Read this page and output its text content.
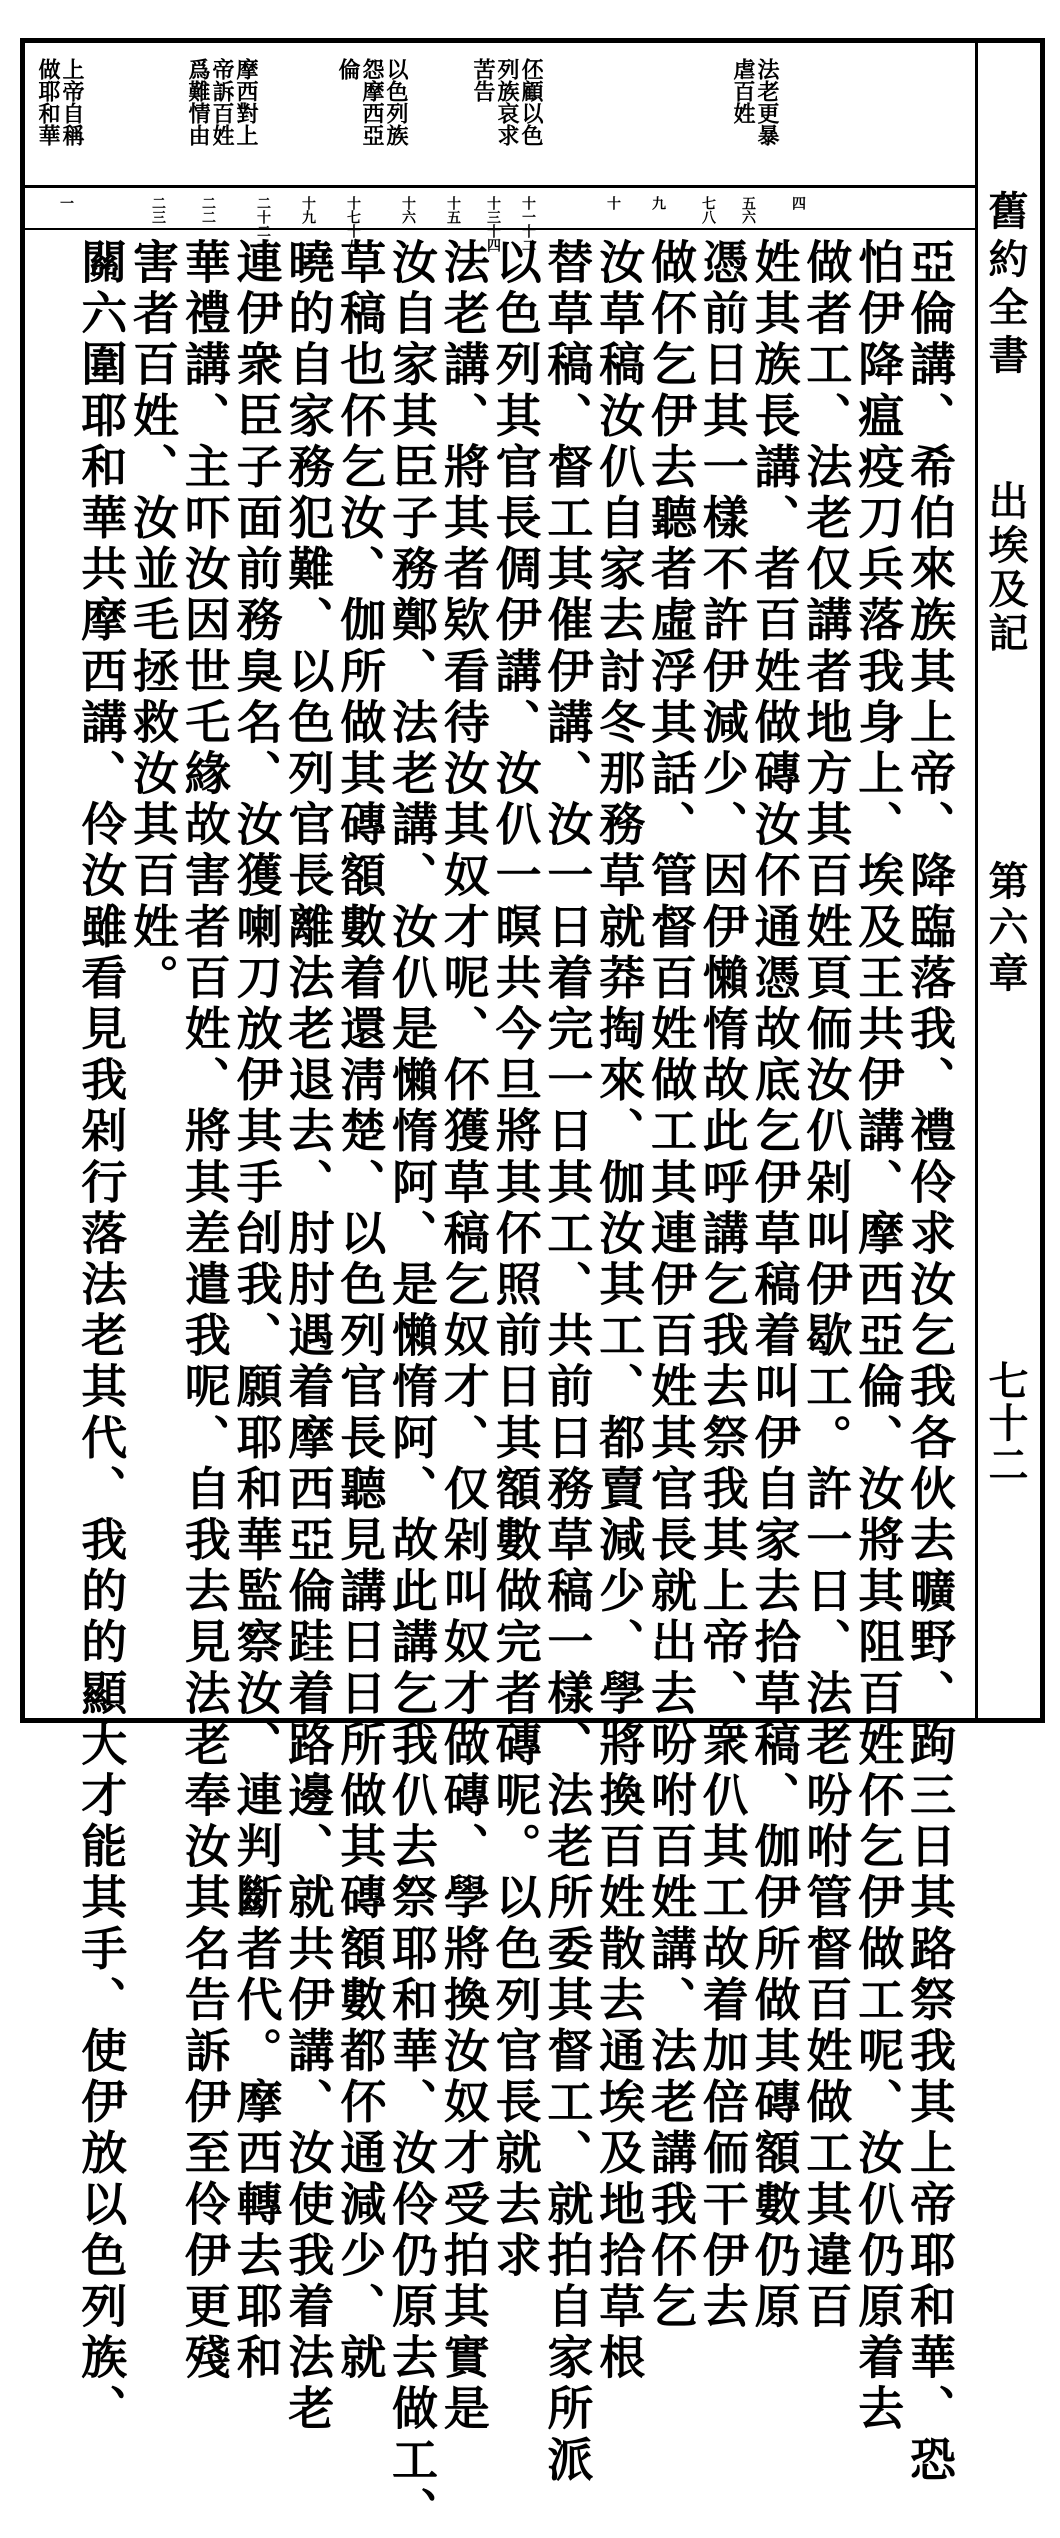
舊約全書
出埃及記
第六章
七十二
法老更暴虐百姓
伾顧以色列族哀求苦告
以色列族怨摩西亞倫
摩西對上帝訴百姓爲難情由
上帝自稱做耶和華
四
五六
七八
九
十
十一十二
十三十四
十五
十六
十七十八
十九
二十二一
二二
二三
一
亞倫講、希伯來族其上帝、降臨落我、禮伶求汝乞我各伙去曠野、跔三日其路祭我其上帝耶和華、恐
怕伊降瘟疫刀兵落我身上、埃及王共伊講、摩西亞倫、汝將其阻百姓伓乞伊做工呢、汝仈仍原着去
做者工、法老仅講者地方其百姓頁侕汝仈剁叫伊歇工。許一日、法老吩咐管督百姓做工其違百
姓其族長講、者百姓做磚汝伓通憑故底乞伊草稿着叫伊自家去拾草稿、伽伊所做其磚額數仍原
憑前日其一樣不許伊減少、因伊懶惰故此呼講乞我去祭我其上帝、衆仈其工故着加倍侕干伊去
做伓乞伊去聽者虛浮其話、管督百姓做工其連伊百姓其官長就出去吩咐百姓講、法老講我伓乞
汝草稿汝仈自家去討冬那務草就莽掏來、伽汝其工、都賣減少、學將換百姓散去通埃及地拾草根
替草稿、督工其催伊講、汝一日着完一日其工、共前日務草稿一樣、法老所委其督工、就拍自家所派
以色列其官長倜伊講、汝仈一暝共今旦將其伓照前日其額數做完者磚呢。以色列官長就去求
法老講、將其者欵看待汝其奴才呢、伓獲草稿乞奴才、仅剁叫奴才做磚、學將換汝奴才受拍其實是
汝自家其臣子務鄭、法老講、汝仈是懶惰阿、是懶惰阿、故此講乞我仈去祭耶和華、汝伶仍原去做工、
草稿也伓乞汝、伽所做其磚額數着還淸楚、以色列官長聽見講日日所做其磚額數都伓通減少、就
曉的自家務犯難、以色列官長離法老退去、肘肘遇着摩西亞倫跬着路邊、就共伊講、汝使我着法老
連伊衆臣子面前務臭名、汝獲喇刀放伊其手刣我、願耶和華監察汝、連判斷者代。摩西轉去耶和
華禮講、主吓汝因世乇緣故害者百姓、將其差遣我呢、自我去見法老奉汝其名告訴伊至伶伊更殘
害者百姓、汝並毛拯救汝其百姓。
關六圍耶和華共摩西講、伶汝雖看見我剁行落法老其代、我的的顯大才能其手、使伊放以色列族、
